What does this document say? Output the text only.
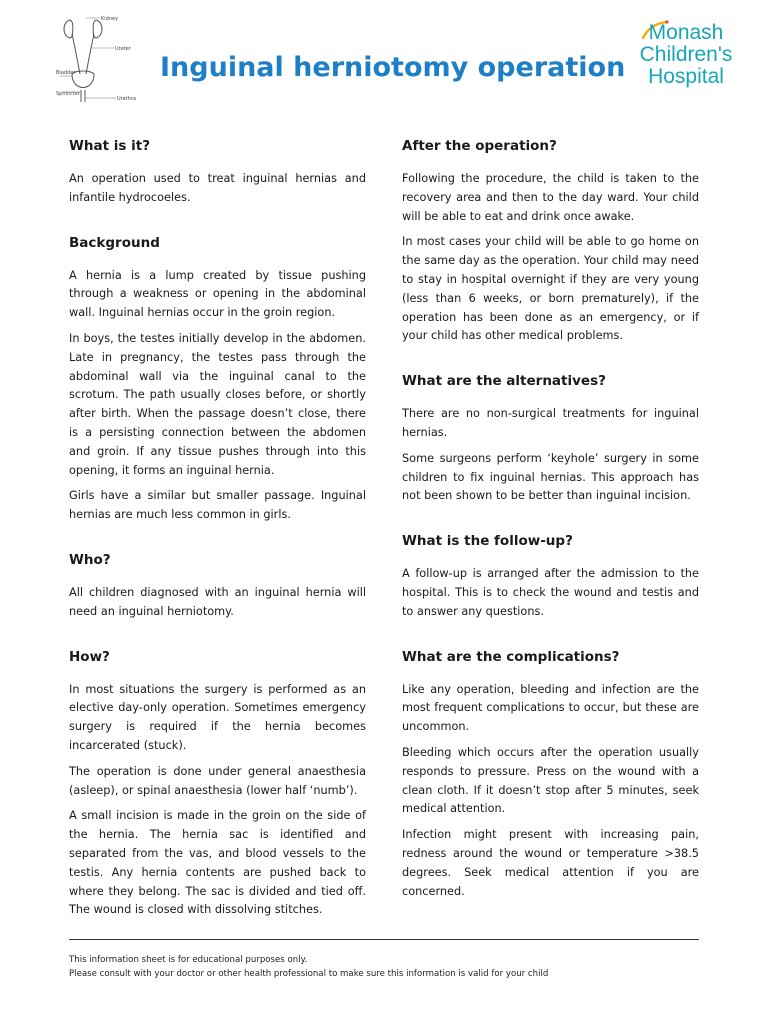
Kidney
Ureter
Bladder
Sphincter
Urethra
Inguinal herniotomy operation

Monash

Children's

Hospital

What is it?

An operation used to treat inguinal hernias and infantile hydrocoeles.

Background

A hernia is a lump created by tissue pushing through a weakness or opening in the abdominal wall. Inguinal hernias occur in the groin region.

In boys, the testes initially develop in the abdomen. Late in pregnancy, the testes pass through the abdominal wall via the inguinal canal to the scrotum. The path usually closes before, or shortly after birth. When the passage doesn’t close, there is a persisting connection between the abdomen and groin. If any tissue pushes through into this opening, it forms an inguinal hernia.

Girls have a similar but smaller passage. Inguinal hernias are much less common in girls.

Who?

All children diagnosed with an inguinal hernia will need an inguinal herniotomy.

How?

In most situations the surgery is performed as an elective day-only operation. Sometimes emergency surgery is required if the hernia becomes incarcerated (stuck).

The operation is done under general anaesthesia (asleep), or spinal anaesthesia (lower half ‘numb’).

A small incision is made in the groin on the side of the hernia. The hernia sac is identified and separated from the vas, and blood vessels to the testis. Any hernia contents are pushed back to where they belong. The sac is divided and tied off. The wound is closed with dissolving stitches.

After the operation?

Following the procedure, the child is taken to the recovery area and then to the day ward. Your child will be able to eat and drink once awake.

In most cases your child will be able to go home on the same day as the operation. Your child may need to stay in hospital overnight if they are very young (less than 6 weeks, or born prematurely), if the operation has been done as an emergency, or if your child has other medical problems.

What are the alternatives?

There are no non-surgical treatments for inguinal hernias.

Some surgeons perform ‘keyhole’ surgery in some children to fix inguinal hernias. This approach has not been shown to be better than inguinal incision.

What is the follow-up?

A follow-up is arranged after the admission to the hospital. This is to check the wound and testis and to answer any questions.

What are the complications?

Like any operation, bleeding and infection are the most frequent complications to occur, but these are uncommon.

Bleeding which occurs after the operation usually responds to pressure. Press on the wound with a clean cloth. If it doesn’t stop after 5 minutes, seek medical attention.

Infection might present with increasing pain, redness around the wound or temperature >38.5 degrees. Seek medical attention if you are concerned.

This information sheet is for educational purposes only.

Please consult with your doctor or other health professional to make sure this information is valid for your child
